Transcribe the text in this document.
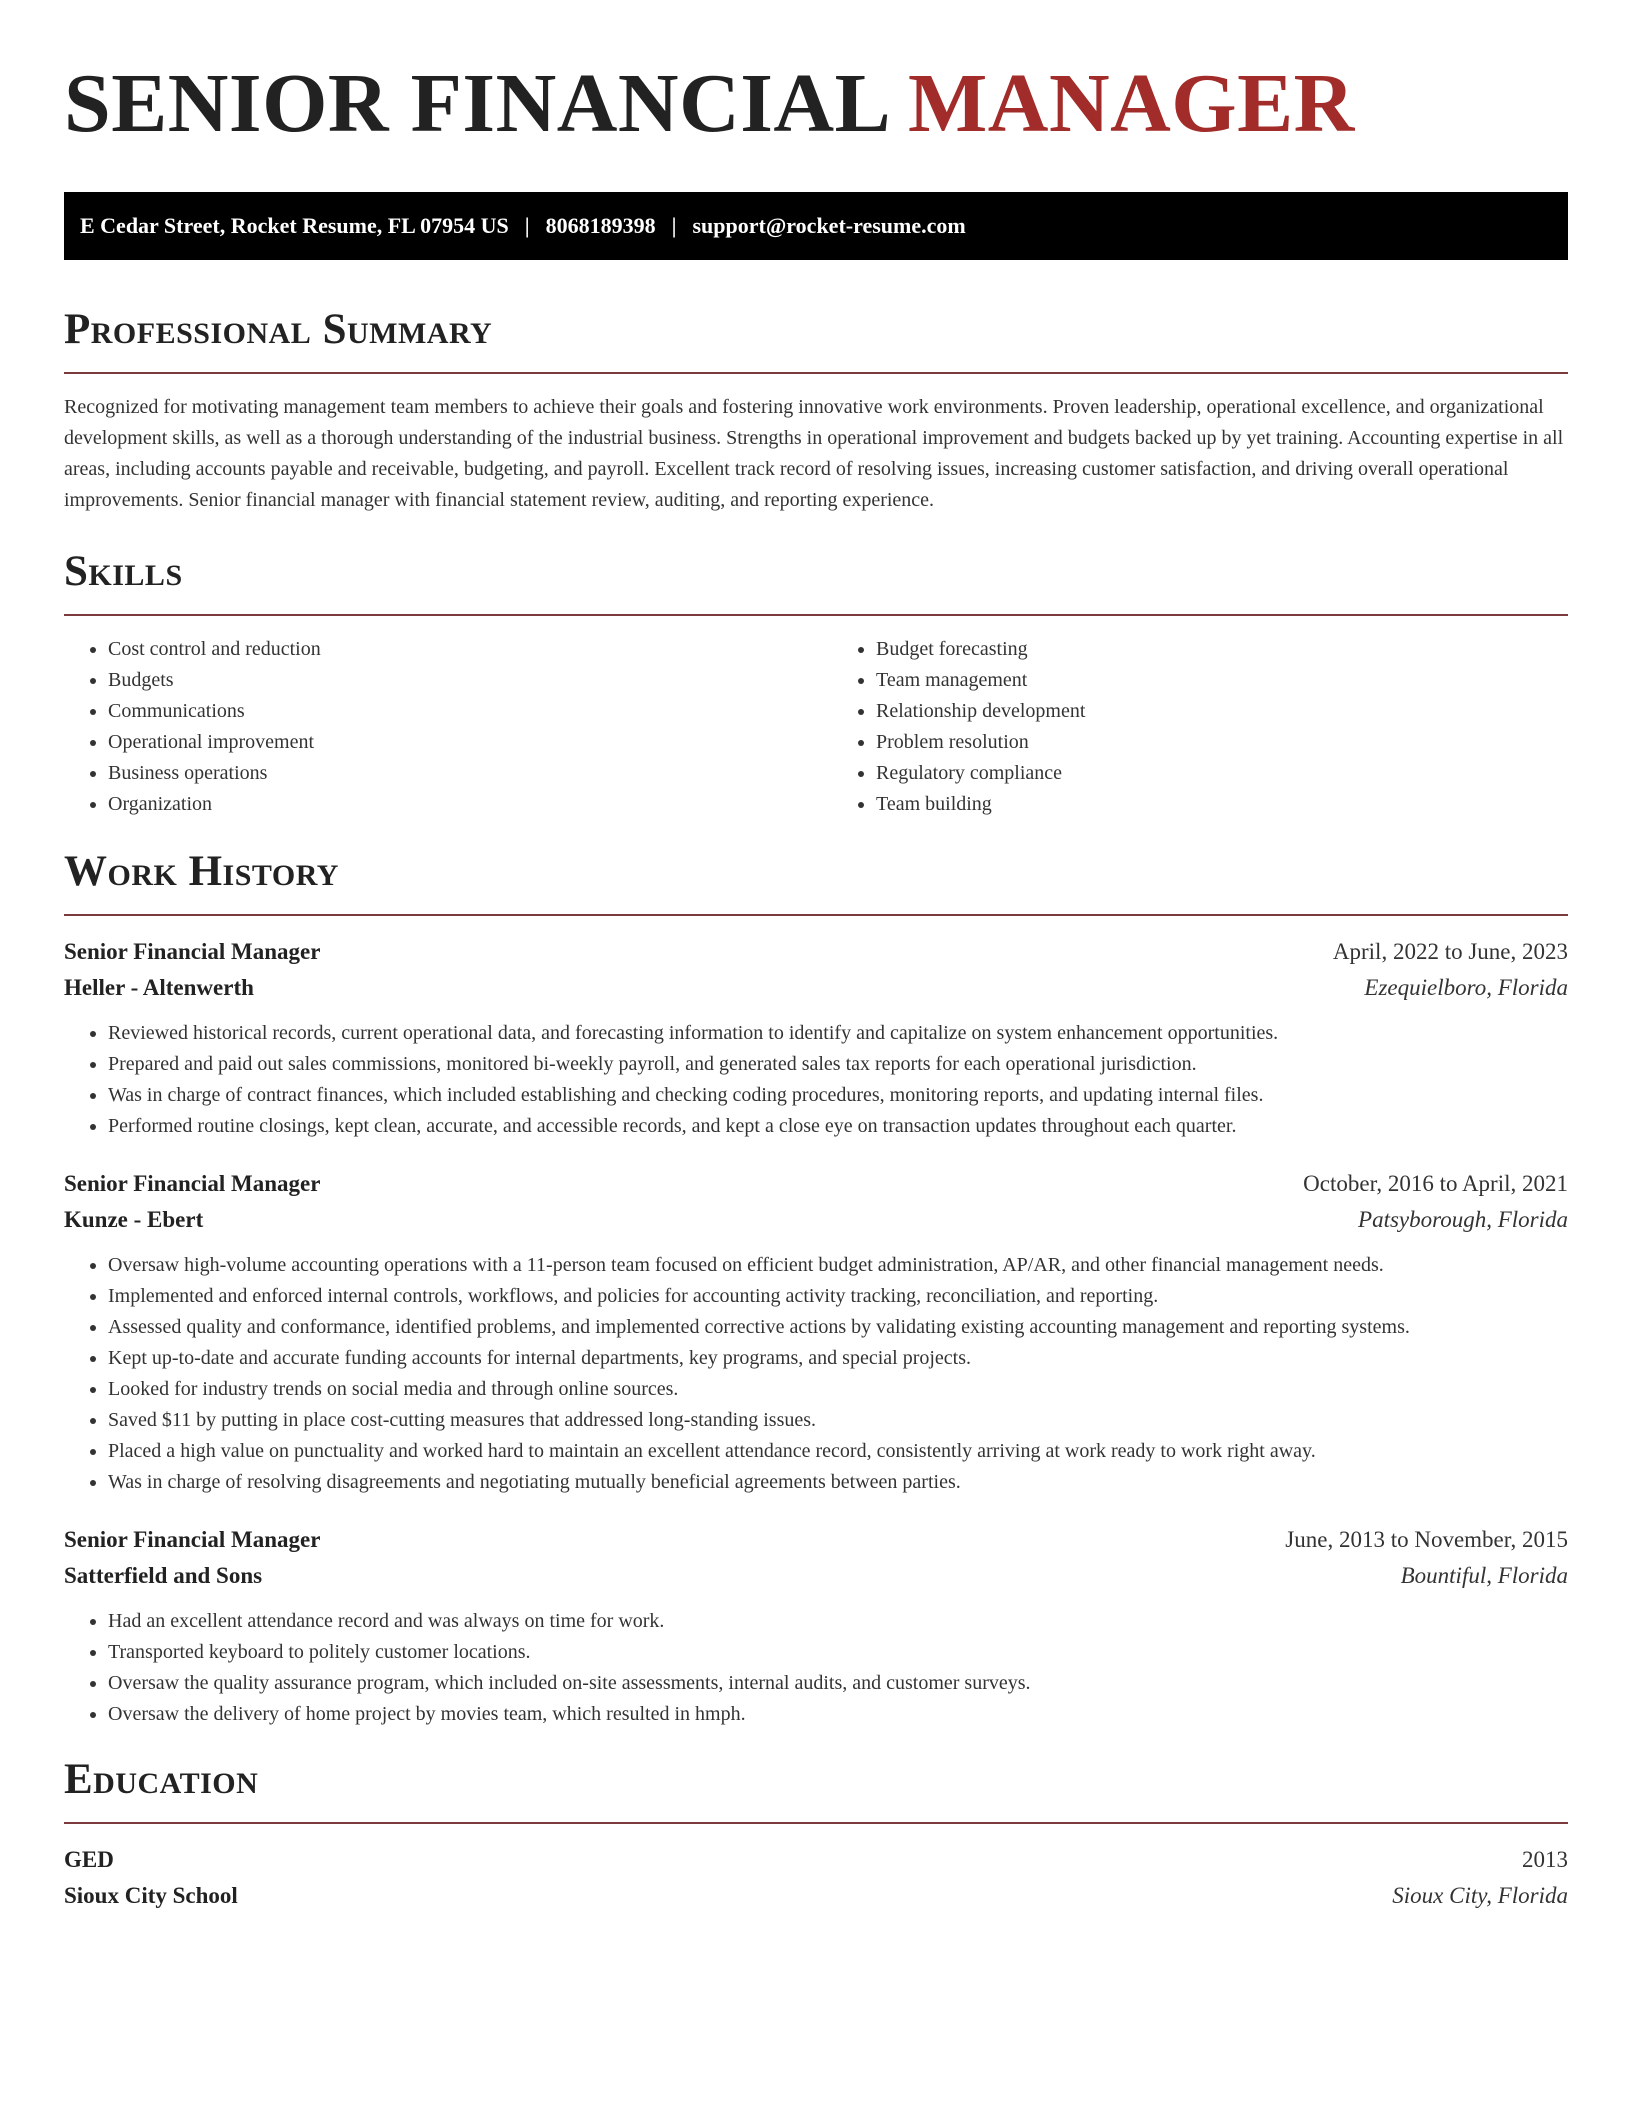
SENIOR FINANCIAL MANAGER
E Cedar Street, Rocket Resume, FL 07954 US | 8068189398 | support@rocket-resume.com
Professional Summary

Recognized for motivating management team members to achieve their goals and fostering innovative work environments. Proven leadership, operational excellence, and organizational development skills, as well as a thorough understanding of the industrial business. Strengths in operational improvement and budgets backed up by yet training. Accounting expertise in all areas, including accounts payable and receivable, budgeting, and payroll. Excellent track record of resolving issues, increasing customer satisfaction, and driving overall operational improvements. Senior financial manager with financial statement review, auditing, and reporting experience.

Skills
• Cost control and reduction
• Budgets
• Communications
• Operational improvement
• Business operations
• Organization
• Budget forecasting
• Team management
• Relationship development
• Problem resolution
• Regulatory compliance
• Team building
Work History
Senior Financial Manager	April, 2022 to June, 2023
Heller - Altenwerth	Ezequielboro, Florida
• Reviewed historical records, current operational data, and forecasting information to identify and capitalize on system enhancement opportunities.
• Prepared and paid out sales commissions, monitored bi-weekly payroll, and generated sales tax reports for each operational jurisdiction.
• Was in charge of contract finances, which included establishing and checking coding procedures, monitoring reports, and updating internal files.
• Performed routine closings, kept clean, accurate, and accessible records, and kept a close eye on transaction updates throughout each quarter.
Senior Financial Manager	October, 2016 to April, 2021
Kunze - Ebert	Patsyborough, Florida
• Oversaw high-volume accounting operations with a 11-person team focused on efficient budget administration, AP/AR, and other financial management needs.
• Implemented and enforced internal controls, workflows, and policies for accounting activity tracking, reconciliation, and reporting.
• Assessed quality and conformance, identified problems, and implemented corrective actions by validating existing accounting management and reporting systems.
• Kept up-to-date and accurate funding accounts for internal departments, key programs, and special projects.
• Looked for industry trends on social media and through online sources.
• Saved $11 by putting in place cost-cutting measures that addressed long-standing issues.
• Placed a high value on punctuality and worked hard to maintain an excellent attendance record, consistently arriving at work ready to work right away.
• Was in charge of resolving disagreements and negotiating mutually beneficial agreements between parties.
Senior Financial Manager	June, 2013 to November, 2015
Satterfield and Sons	Bountiful, Florida
• Had an excellent attendance record and was always on time for work.
• Transported keyboard to politely customer locations.
• Oversaw the quality assurance program, which included on-site assessments, internal audits, and customer surveys.
• Oversaw the delivery of home project by movies team, which resulted in hmph.
Education
GED	2013
Sioux City School	Sioux City, Florida
